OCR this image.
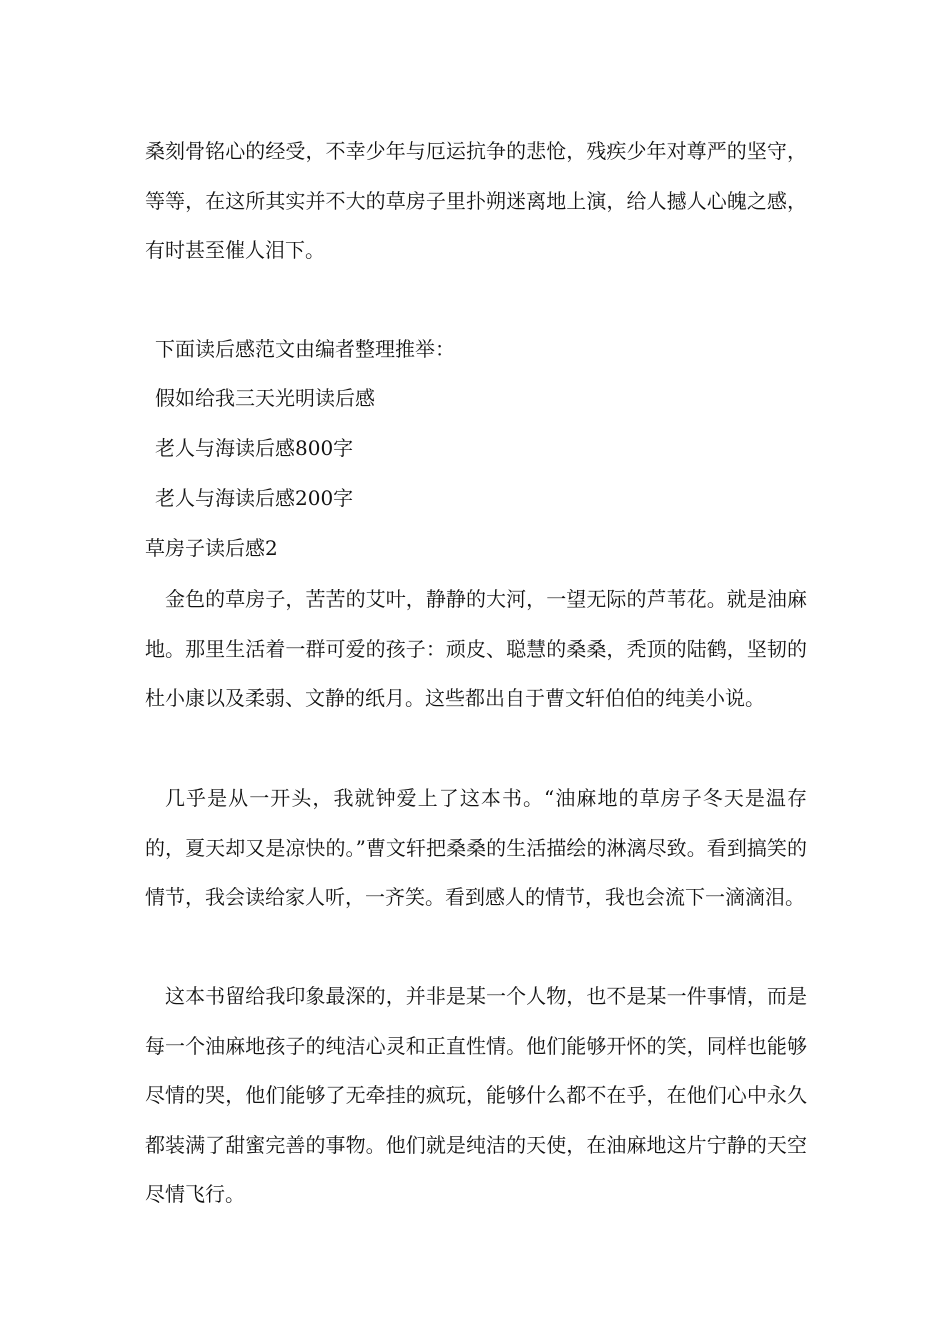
桑刻骨铭心的经受，不幸少年与厄运抗争的悲怆，残疾少年对尊严的坚守，等等，在这所其实并不大的草房子里扑朔迷离地上演，给人撼人心魄之感，有时甚至催人泪下。

下面读后感范文由编者整理推举：

假如给我三天光明读后感

老人与海读后感800字

老人与海读后感200字

草房子读后感2

金色的草房子，苦苦的艾叶，静静的大河，一望无际的芦苇花。就是油麻地。那里生活着一群可爱的孩子：顽皮、聪慧的桑桑，秃顶的陆鹤，坚韧的杜小康以及柔弱、文静的纸月。这些都出自于曹文轩伯伯的纯美小说。

几乎是从一开头，我就钟爱上了这本书。“油麻地的草房子冬天是温存的，夏天却又是凉快的。”曹文轩把桑桑的生活描绘的淋漓尽致。看到搞笑的情节，我会读给家人听，一齐笑。看到感人的情节，我也会流下一滴滴泪。

这本书留给我印象最深的，并非是某一个人物，也不是某一件事情，而是每一个油麻地孩子的纯洁心灵和正直性情。他们能够开怀的笑，同样也能够尽情的哭，他们能够了无牵挂的疯玩，能够什么都不在乎，在他们心中永久都装满了甜蜜完善的事物。他们就是纯洁的天使，在油麻地这片宁静的天空尽情飞行。
